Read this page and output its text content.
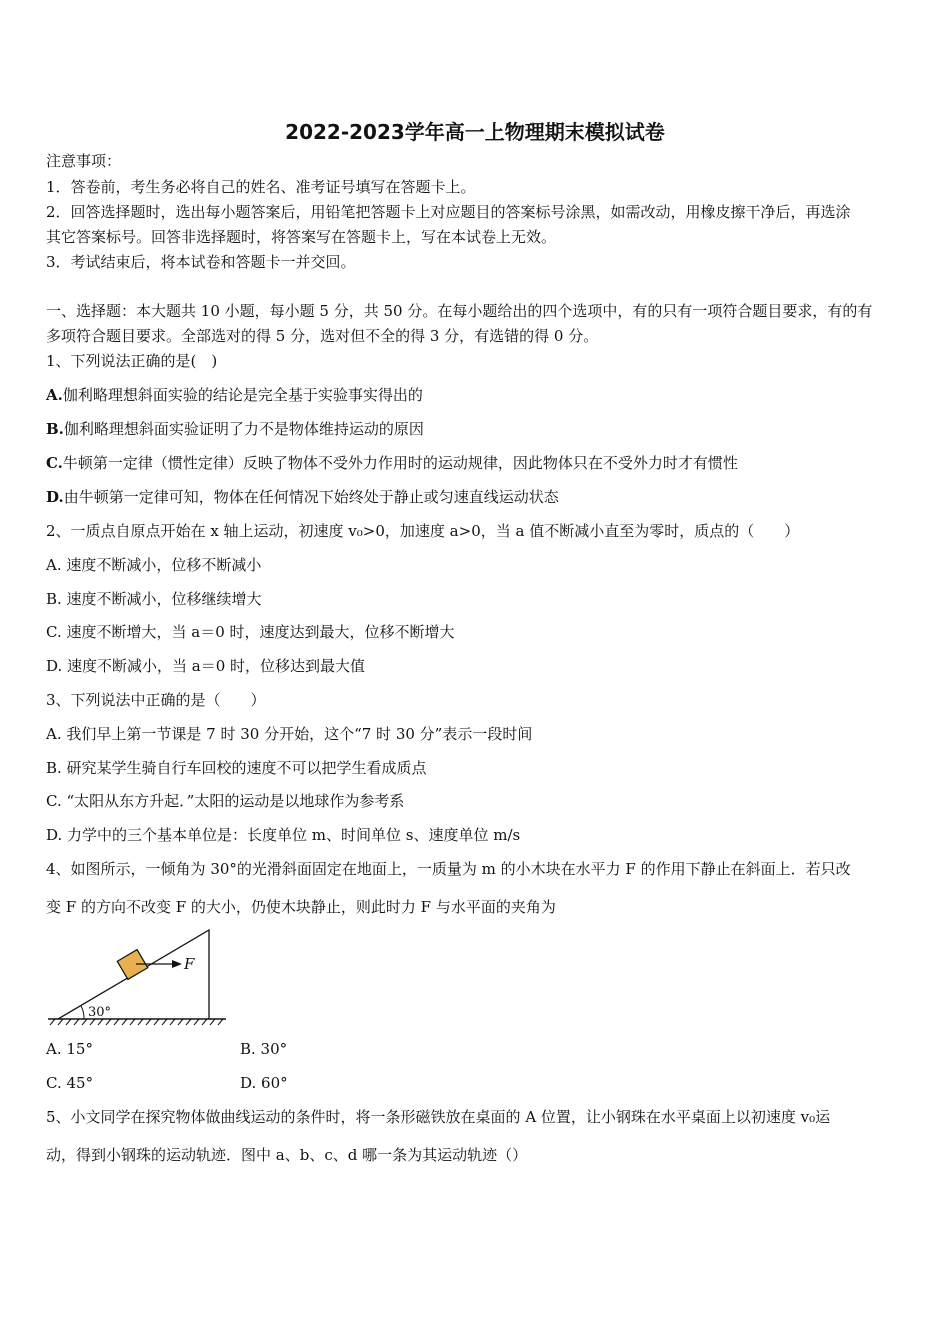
2022-2023学年高一上物理期末模拟试卷
注意事项：
1．答卷前，考生务必将自己的姓名、准考证号填写在答题卡上。
2．回答选择题时，选出每小题答案后，用铅笔把答题卡上对应题目的答案标号涂黑，如需改动，用橡皮擦干净后，再选涂
其它答案标号。回答非选择题时，将答案写在答题卡上，写在本试卷上无效。
3．考试结束后，将本试卷和答题卡一并交回。
一、选择题：本大题共 10 小题，每小题 5 分，共 50 分。在每小题给出的四个选项中，有的只有一项符合题目要求，有的有
多项符合题目要求。全部选对的得 5 分，选对但不全的得 3 分，有选错的得 0 分。
1、下列说法正确的是(　)
A.伽利略理想斜面实验的结论是完全基于实验事实得出的
B.伽利略理想斜面实验证明了力不是物体维持运动的原因
C.牛顿第一定律（惯性定律）反映了物体不受外力作用时的运动规律，因此物体只在不受外力时才有惯性
D.由牛顿第一定律可知，物体在任何情况下始终处于静止或匀速直线运动状态
2、一质点自原点开始在 x 轴上运动，初速度 v₀>0，加速度 a>0，当 a 值不断减小直至为零时，质点的（　　）
A. 速度不断减小，位移不断减小
B. 速度不断减小，位移继续增大
C. 速度不断增大，当 a＝0 时，速度达到最大，位移不断增大
D. 速度不断减小，当 a＝0 时，位移达到最大值
3、下列说法中正确的是（　　）
A. 我们早上第一节课是 7 时 30 分开始，这个“7 时 30 分”表示一段时间
B. 研究某学生骑自行车回校的速度不可以把学生看成质点
C. “太阳从东方升起．”太阳的运动是以地球作为参考系
D. 力学中的三个基本单位是：长度单位 m、时间单位 s、速度单位 m/s
4、如图所示，一倾角为 30°的光滑斜面固定在地面上，一质量为 m 的小木块在水平力 F 的作用下静止在斜面上．若只改
变 F 的方向不改变 F 的大小，仍使木块静止，则此时力 F 与水平面的夹角为
30°
F
A. 15°	B. 30°
C. 45°	D. 60°
5、小文同学在探究物体做曲线运动的条件时，将一条形磁铁放在桌面的 A 位置，让小钢珠在水平桌面上以初速度 v₀运
动，得到小钢珠的运动轨迹．图中 a、b、c、d 哪一条为其运动轨迹（）
